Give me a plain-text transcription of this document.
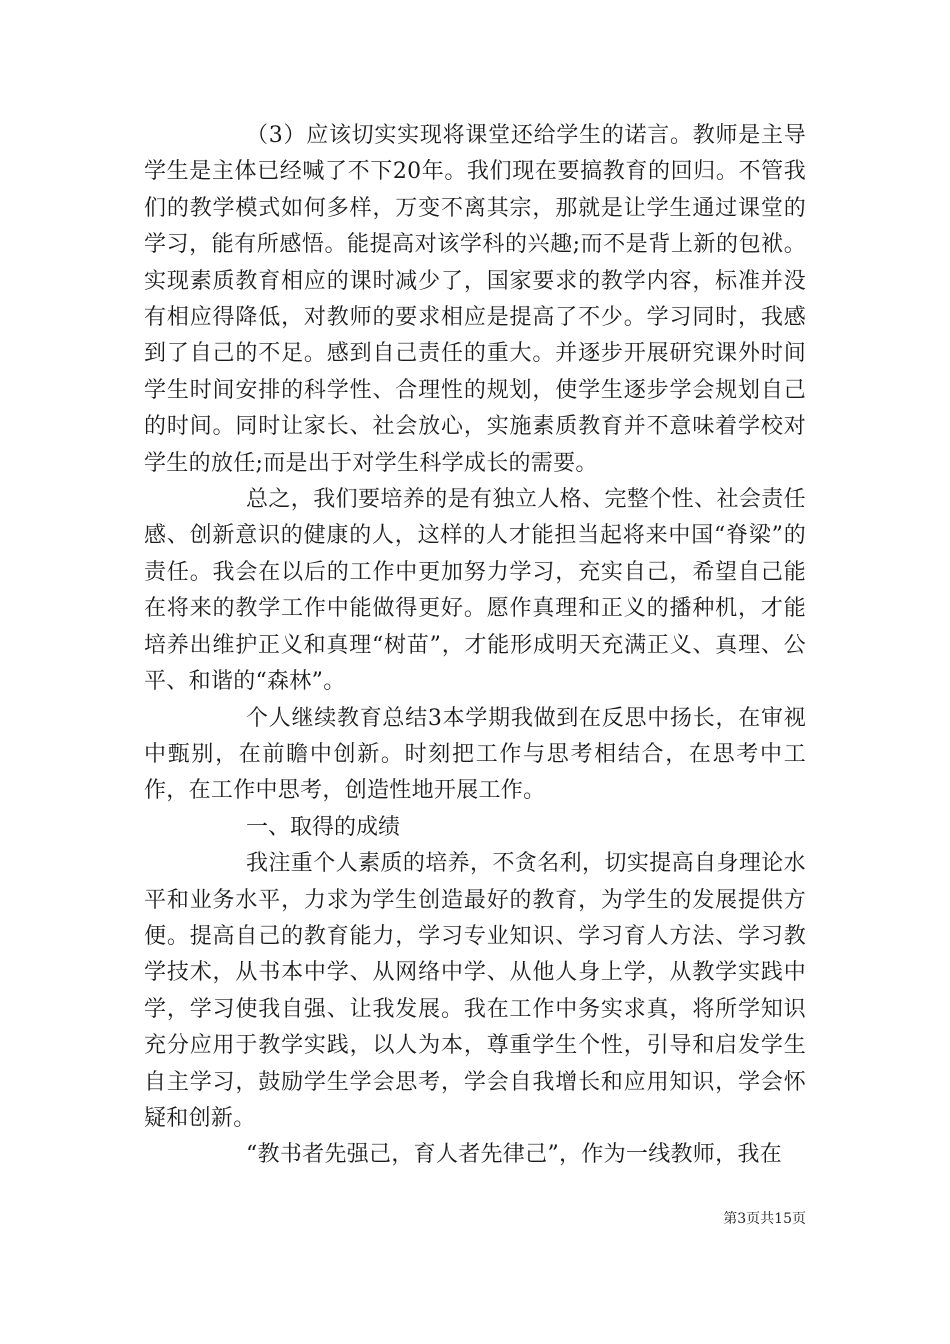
（3）应该切实实现将课堂还给学生的诺言。教师是主导学生是主体已经喊了不下20年。我们现在要搞教育的回归。不管我们的教学模式如何多样，万变不离其宗，那就是让学生通过课堂的学习，能有所感悟。能提高对该学科的兴趣;而不是背上新的包袱。实现素质教育相应的课时减少了，国家要求的教学内容，标准并没有相应得降低，对教师的要求相应是提高了不少。学习同时，我感到了自己的不足。感到自己责任的重大。并逐步开展研究课外时间学生时间安排的科学性、合理性的规划，使学生逐步学会规划自己的时间。同时让家长、社会放心，实施素质教育并不意味着学校对学生的放任;而是出于对学生科学成长的需要。

总之，我们要培养的是有独立人格、完整个性、社会责任感、创新意识的健康的人，这样的人才能担当起将来中国“脊梁”的责任。我会在以后的工作中更加努力学习，充实自己，希望自己能在将来的教学工作中能做得更好。愿作真理和正义的播种机，才能培养出维护正义和真理“树苗”，才能形成明天充满正义、真理、公平、和谐的“森林”。

个人继续教育总结3本学期我做到在反思中扬长，在审视中甄别，在前瞻中创新。时刻把工作与思考相结合，在思考中工作，在工作中思考，创造性地开展工作。

一、取得的成绩

我注重个人素质的培养，不贪名利，切实提高自身理论水平和业务水平，力求为学生创造最好的教育，为学生的发展提供方便。提高自己的教育能力，学习专业知识、学习育人方法、学习教学技术，从书本中学、从网络中学、从他人身上学，从教学实践中学，学习使我自强、让我发展。我在工作中务实求真，将所学知识充分应用于教学实践，以人为本，尊重学生个性，引导和启发学生自主学习，鼓励学生学会思考，学会自我增长和应用知识，学会怀疑和创新。

“教书者先强己，育人者先律己”，作为一线教师，我在

第3页共15页
